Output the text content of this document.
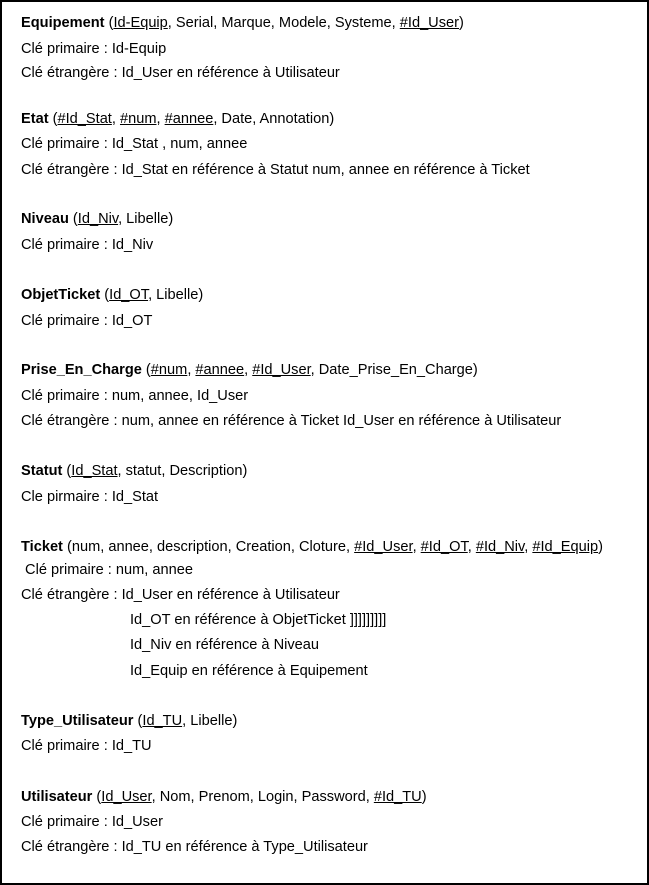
Equipement (Id-Equip, Serial, Marque, Modele, Systeme, #Id_User)
Clé primaire : Id-Equip
Clé étrangère : Id_User en référence à Utilisateur
Etat (#Id_Stat, #num, #annee, Date, Annotation)
Clé primaire : Id_Stat , num, annee
Clé étrangère : Id_Stat en référence à Statut num, annee en référence à Ticket
Niveau (Id_Niv, Libelle)
Clé primaire : Id_Niv
ObjetTicket (Id_OT, Libelle)
Clé primaire : Id_OT
Prise_En_Charge (#num, #annee, #Id_User, Date_Prise_En_Charge)
Clé primaire : num, annee, Id_User
Clé étrangère : num, annee en référence à Ticket Id_User en référence à Utilisateur
Statut (Id_Stat, statut, Description)
Cle pirmaire : Id_Stat
Ticket (num, annee, description, Creation, Cloture, #Id_User, #Id_OT, #Id_Niv, #Id_Equip)
Clé primaire : num, annee
Clé étrangère : Id_User en référence à Utilisateur
Id_OT en référence à ObjetTicket ]]]]]]]]]
Id_Niv en référence à Niveau
Id_Equip en référence à Equipement
Type_Utilisateur (Id_TU, Libelle)
Clé primaire : Id_TU
Utilisateur (Id_User, Nom, Prenom, Login, Password, #Id_TU)
Clé primaire : Id_User
Clé étrangère : Id_TU en référence à Type_Utilisateur
